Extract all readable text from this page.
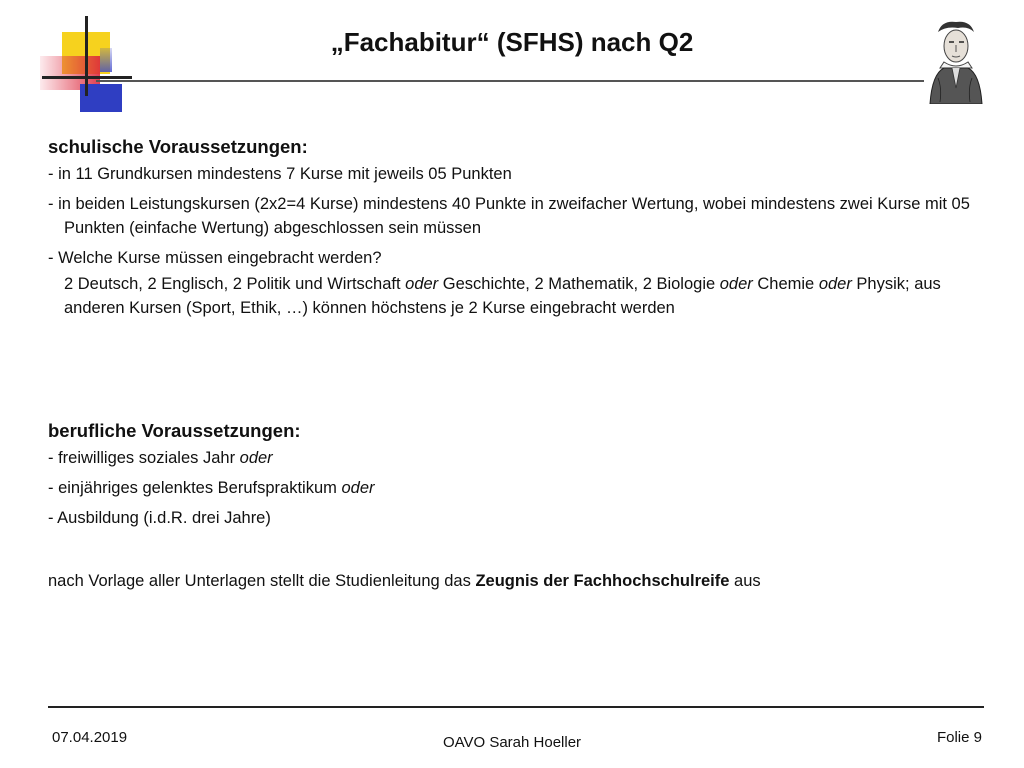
„Fachabitur“ (SFHS) nach Q2
schulische Voraussetzungen:

- in 11 Grundkursen mindestens 7 Kurse mit jeweils 05 Punkten

- in beiden Leistungskursen (2x2=4 Kurse) mindestens 40 Punkte in zweifacher Wertung, wobei mindestens zwei Kurse mit 05 Punkten (einfache Wertung) abgeschlossen sein müssen

- Welche Kurse müssen eingebracht werden?

2 Deutsch, 2 Englisch, 2 Politik und Wirtschaft oder Geschichte, 2 Mathematik, 2 Biologie oder Chemie oder Physik; aus anderen Kursen (Sport, Ethik, …) können höchstens je 2 Kurse eingebracht werden

berufliche Voraussetzungen:

- freiwilliges soziales Jahr oder

- einjähriges gelenktes Berufspraktikum oder

- Ausbildung (i.d.R. drei Jahre)

nach Vorlage aller Unterlagen stellt die Studienleitung das Zeugnis der Fachhochschulreife aus

07.04.2019	OAVO Sarah Hoeller	Folie 9
